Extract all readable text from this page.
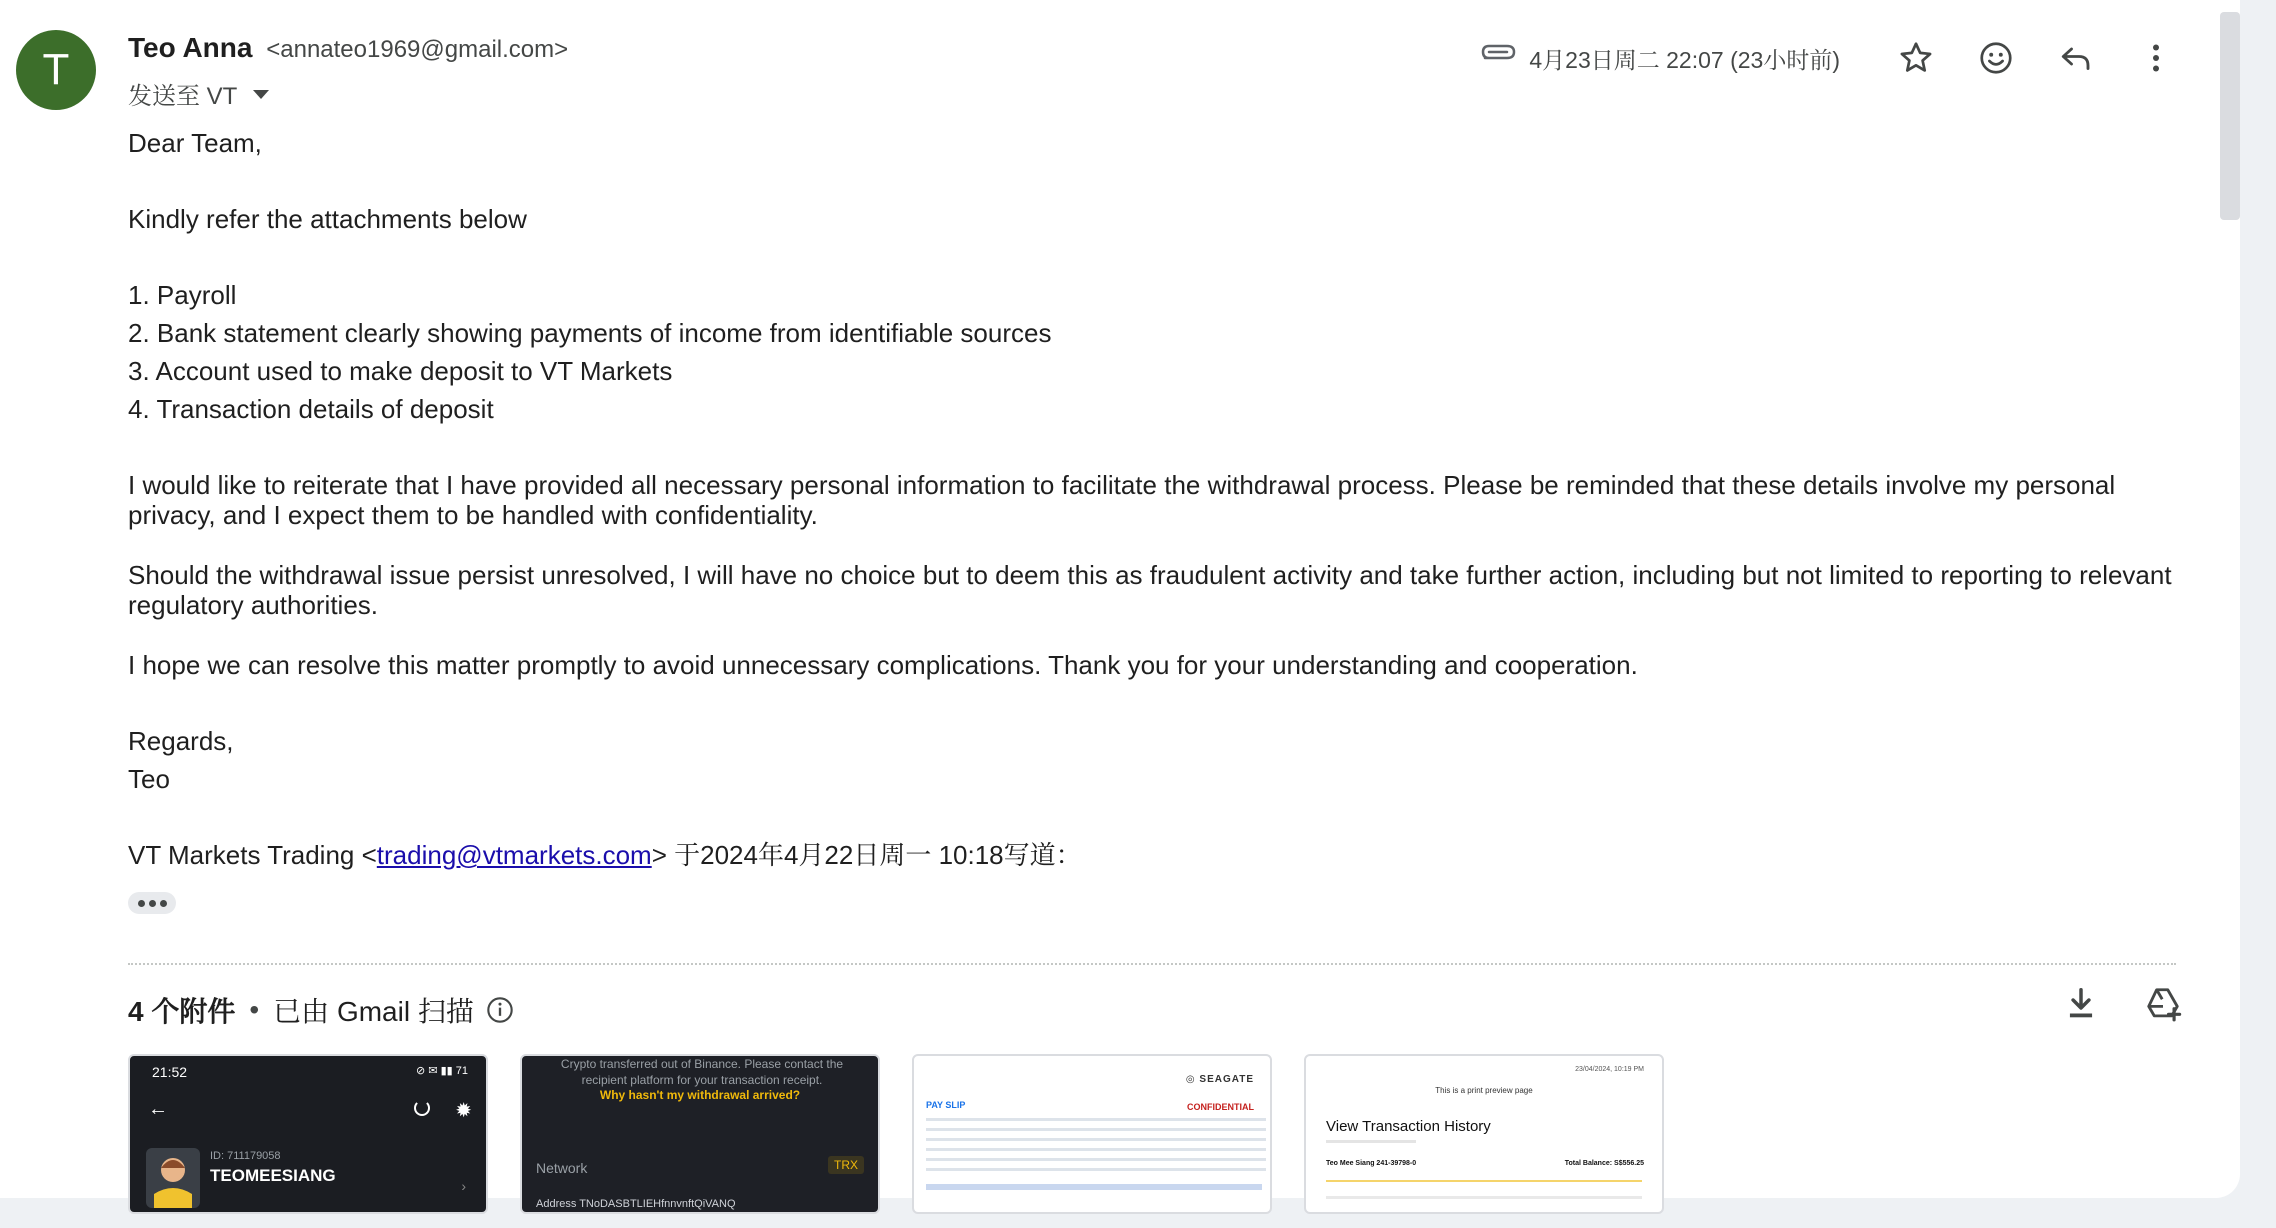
T	Teo Anna <annateo1969@gmail.com>
发送至 VT
4月23日周二 22:07 (23小时前)

Dear Team,

Kindly refer the attachments below

1. Payroll

2. Bank statement clearly showing payments of income from identifiable sources

3. Account used to make deposit to VT Markets

4. Transaction details of deposit

I would like to reiterate that I have provided all necessary personal information to facilitate the withdrawal process. Please be reminded that these details involve my personal privacy, and I expect them to be handled with confidentiality.

Should the withdrawal issue persist unresolved, I will have no choice but to deem this as fraudulent activity and take further action, including but not limited to reporting to relevant regulatory authorities.

I hope we can resolve this matter promptly to avoid unnecessary complications. Thank you for your understanding and cooperation.

Regards,

Teo

VT Markets Trading <trading@vtmarkets.com> 于2024年4月22日周一 10:18写道：

4 个附件 • 已由 Gmail 扫描
21:52	⊘ ✉ ▮▮ 71
←	✹
ID: 711179058
TEOMEESIANG
›
Crypto transferred out of Binance. Please contact the recipient platform for your transaction receipt.
Why hasn't my withdrawal arrived?
Network	TRX
Address TNoDASBTLIEHfnnvnftQiVANQ
◎ SEAGATE
PAY SLIP	CONFIDENTIAL
23/04/2024, 10:19 PM
This is a print preview page
View Transaction History
Teo Mee Siang 241-39798-0	Total Balance: S$556.25
